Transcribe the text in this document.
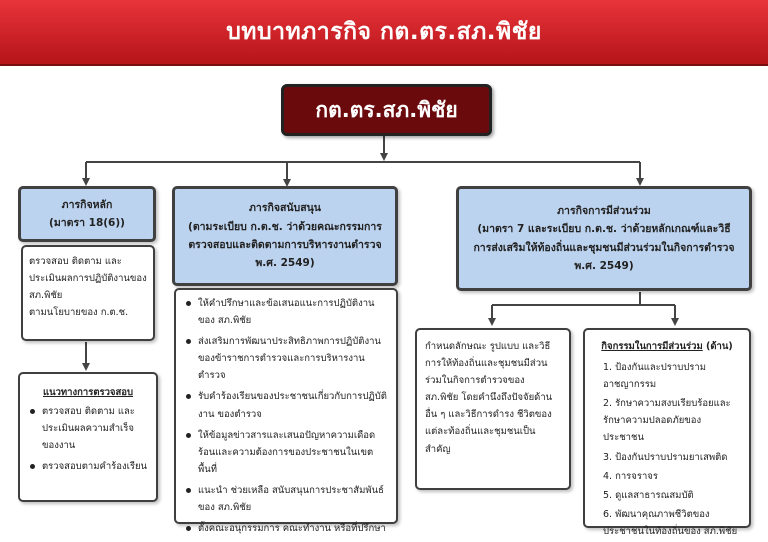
บทบาทภารกิจ กต.ตร.สภ.พิชัย
กต.ตร.สภ.พิชัย
ภารกิจหลัก
(มาตรา 18(6))

ตรวจสอบ ติดตาม และประเมินผลการปฏิบัติงานของ สภ.พิชัย

ตามนโยบายของ ก.ต.ช.

แนวทางการตรวจสอบ
ตรวจสอบ ติดตาม และประเมินผลความสำเร็จของงาน
ตรวจสอบตามคำร้องเรียน
ภารกิจสนับสนุน
(ตามระเบียบ ก.ต.ช. ว่าด้วยคณะกรรมการตรวจสอบและติดตามการบริหารงานตำรวจ พ.ศ. 2549)
ให้คำปรึกษาและข้อเสนอแนะการปฏิบัติงานของ สภ.พิชัย
ส่งเสริมการพัฒนาประสิทธิภาพการปฏิบัติงานของข้าราชการตำรวจและการบริหารงานตำรวจ
รับคำร้องเรียนของประชาชนเกี่ยวกับการปฏิบัติงาน ของตำรวจ
ให้ข้อมูลข่าวสารและเสนอปัญหาความเดือดร้อนและความต้องการของประชาชนในเขตพื้นที่
แนะนำ ช่วยเหลือ สนับสนุนการประชาสัมพันธ์ของ สภ.พิชัย
ตั้งคณะอนุกรรมการ คณะทำงาน หรือที่ปรึกษา
ภารกิจการมีส่วนร่วม
(มาตรา 7 และระเบียบ ก.ต.ช. ว่าด้วยหลักเกณฑ์และวิธีการส่งเสริมให้ท้องถิ่นและชุมชนมีส่วนร่วมในกิจการตำรวจ พ.ศ. 2549)

กำหนดลักษณะ รูปแบบ และวิธีการให้ท้องถิ่นและชุมชนมีส่วนร่วมในกิจการตำรวจของ สภ.พิชัย โดยคำนึงถึงปัจจัยด้านอื่น ๆ และวิธีการดำรง ชีวิตของแต่ละท้องถิ่นและชุมชนเป็นสำคัญ

กิจกรรมในการมีส่วนร่วม (ด้าน)
1. ป้องกันและปราบปรามอาชญากรรม
2. รักษาความสงบเรียบร้อยและรักษาความปลอดภัยของประชาชน
3. ป้องกันปราบปรามยาเสพติด
4. การจราจร
5. ดูแลสาธารณสมบัติ
6. พัฒนาคุณภาพชีวิตของประชาชนในท้องถิ่นของ สภ.พิชัย
